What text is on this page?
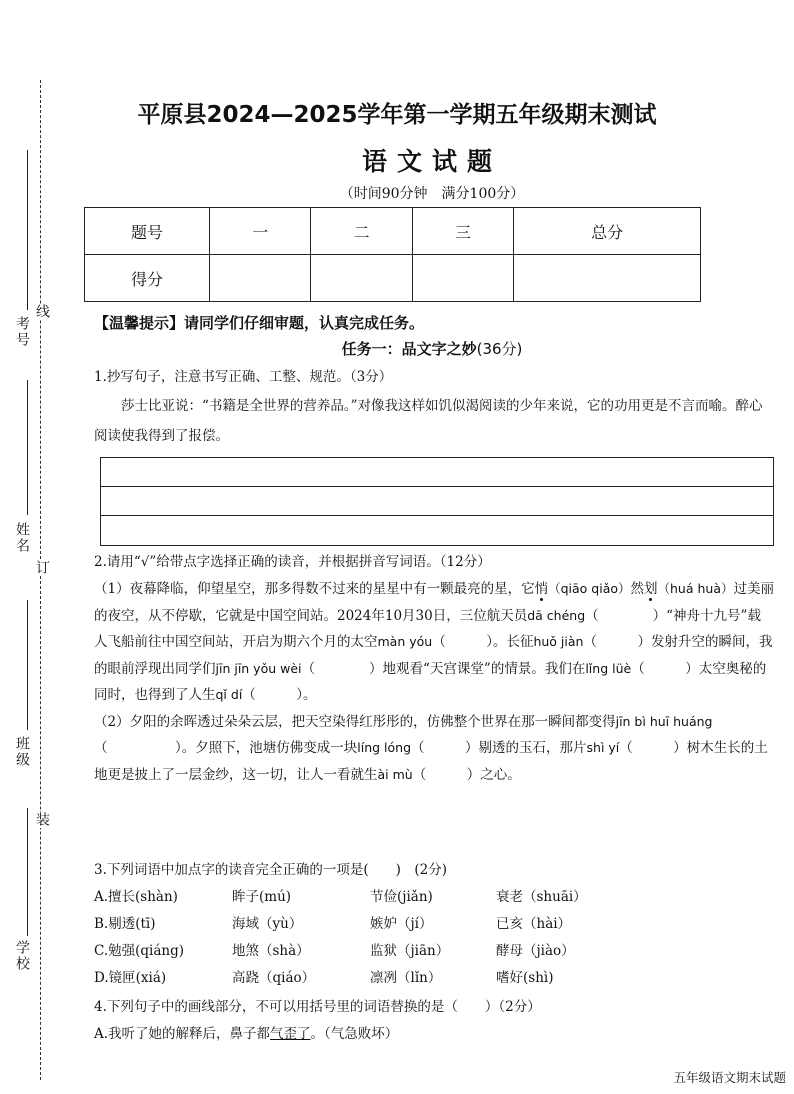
考号
姓名
班级
学校
线
订
装
平原县2024—2025学年第一学期五年级期末测试
语文试题
（时间90分钟　满分100分）
题号	一	二	三	总分
得分				
【温馨提示】请同学们仔细审题，认真完成任务。
任务一：品文字之妙(36分)
1.抄写句子，注意书写正确、工整、规范。（3分）
莎士比亚说：“书籍是全世界的营养品。”对像我这样如饥似渴阅读的少年来说，它的功用更是不言而喻。醉心阅读使我得到了报偿。
2.请用“√”给带点字选择正确的读音，并根据拼音写词语。（12分）

（1）夜幕降临，仰望星空，那多得数不过来的星星中有一颗最亮的星，它悄（qiāo qiǎo）然划（huá huà）过美丽的夜空，从不停歇，它就是中国空间站。2024年10月30日，三位航天员dā chéng（　　　　）“神舟十九号”载人飞船前往中国空间站，开启为期六个月的太空màn yóu（　　　）。长征huǒ jiàn（　　　）发射升空的瞬间，我的眼前浮现出同学们jīn jīn yǒu wèi（　　　　）地观看“天宫课堂”的情景。我们在lǐng lüè（　　　）太空奥秘的同时，也得到了人生qǐ dí（　　　）。

（2）夕阳的余晖透过朵朵云层，把天空染得红彤彤的，仿佛整个世界在那一瞬间都变得jīn bì huī huáng（　　　　　）。夕照下，池塘仿佛变成一块líng lóng（　　　）剔透的玉石，那片shì yí（　　　）树木生长的土地更是披上了一层金纱，这一切，让人一看就生ài mù（　　　）之心。

3.下列词语中加点字的读音完全正确的一项是(　　)　(2分)
A.擅长(shàn)	眸子(mú)	节俭(jiǎn)	衰老（shuāi）
B.剔透(tī)	海域（yù）	嫉妒（jí）	已亥（hài）
C.勉强(qiáng)	地煞（shà）	监狱（jiān）	酵母（jiào）
D.镜匣(xiá)	高跷（qiáo）	凛冽（lǐn）	嗜好(shì)
4.下列句子中的画线部分，不可以用括号里的词语替换的是（　　）（2分）
A.我听了她的解释后，鼻子都气歪了。（气急败坏）
五年级语文期末试题
